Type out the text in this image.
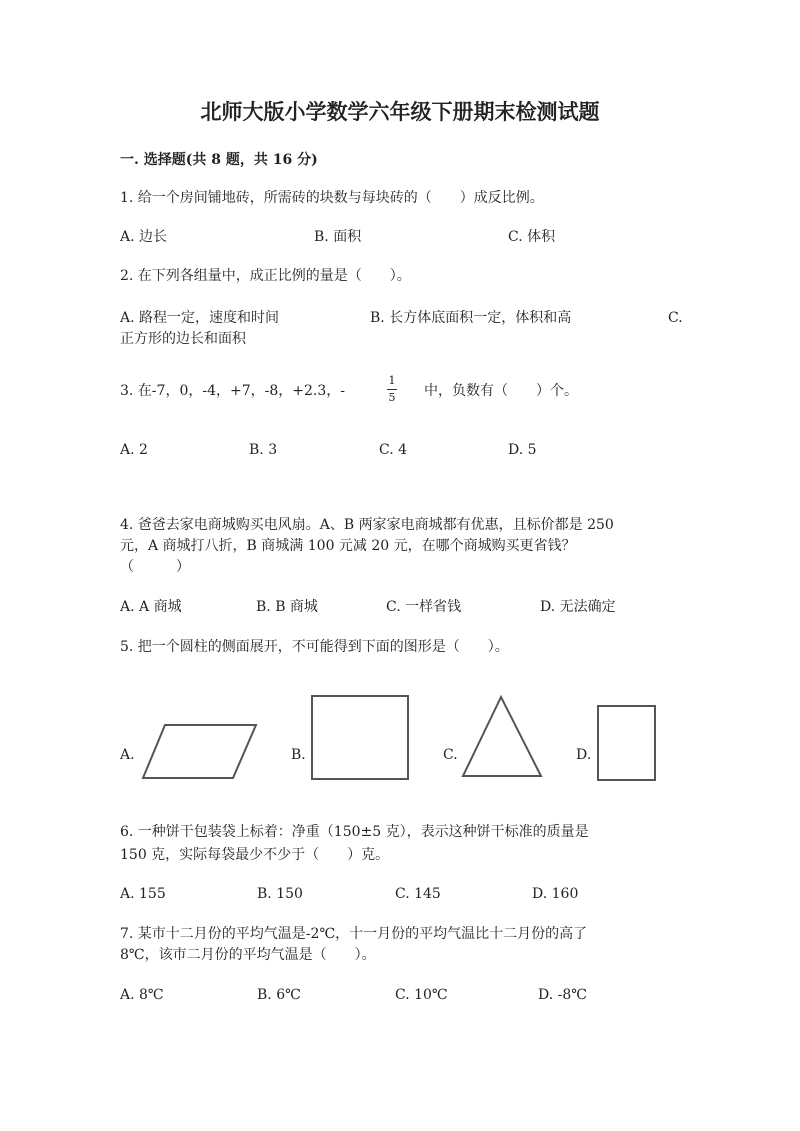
北师大版小学数学六年级下册期末检测试题
一. 选择题(共 8 题，共 16 分)
1. 给一个房间铺地砖，所需砖的块数与每块砖的（　　）成反比例。
A. 边长	B. 面积	C. 体积
2. 在下列各组量中，成正比例的量是（　　）。
A. 路程一定，速度和时间	B. 长方体底面积一定，体积和高	C.
正方形的边长和面积
3. 在-7，0，-4，+7，-8，+2.3，-
1
5 中，负数有（　　）个。
A. 2	B. 3	C. 4	D. 5
4. 爸爸去家电商城购买电风扇。A、B 两家家电商城都有优惠，且标价都是 250
元，A 商城打八折，B 商城满 100 元减 20 元，在哪个商城购买更省钱？
（　　　）
A. A 商城	B. B 商城	C. 一样省钱	D. 无法确定
5. 把一个圆柱的侧面展开，不可能得到下面的图形是（　　）。
A.	B.	C.	D.
6. 一种饼干包装袋上标着：净重（150±5 克），表示这种饼干标准的质量是
150 克，实际每袋最少不少于（　　）克。
A. 155	B. 150	C. 145	D. 160
7. 某市十二月份的平均气温是-2℃，十一月份的平均气温比十二月份的高了
8℃，该市二月份的平均气温是（　　）。
A. 8℃	B. 6℃	C. 10℃	D. -8℃
